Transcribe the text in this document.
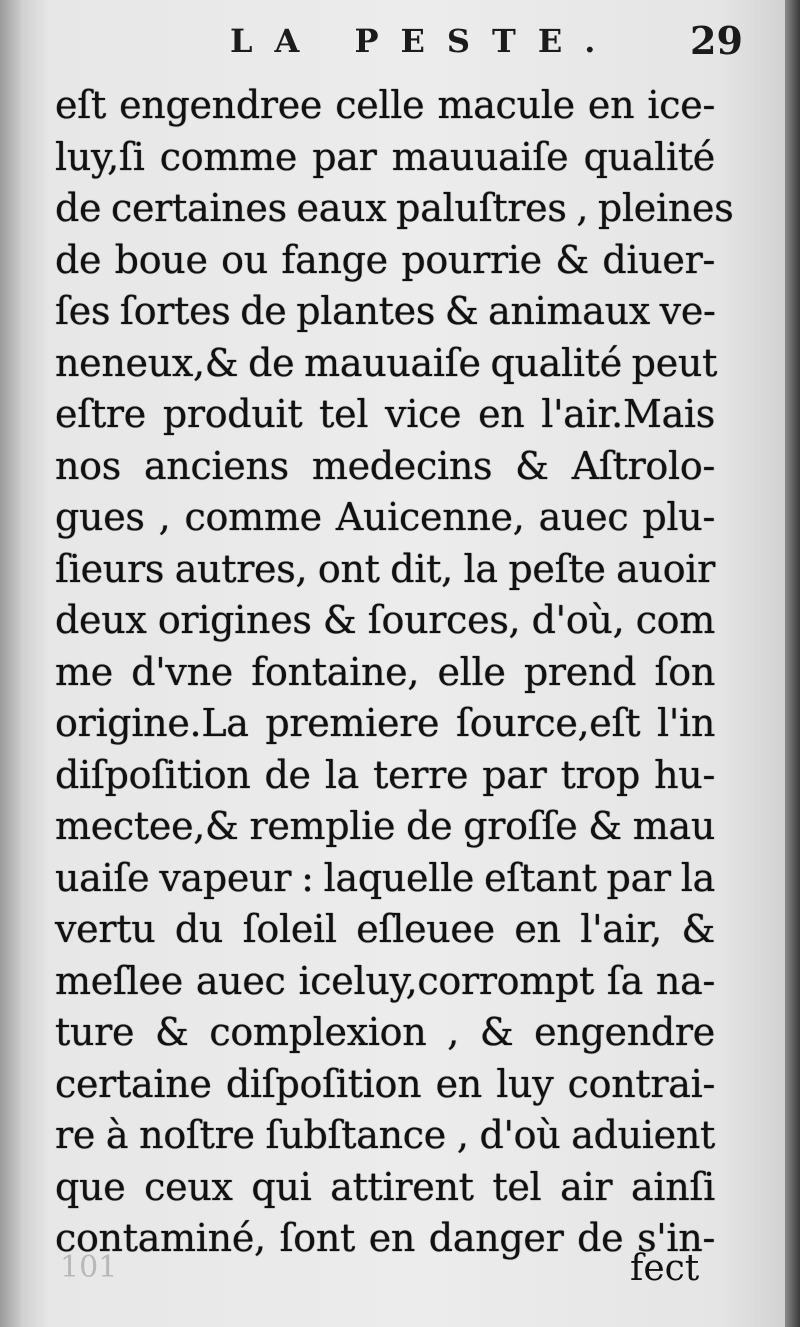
LA PESTE. 29
eſt engendree celle macule en ice-
luy,ſi comme par mauuaiſe qualité
de certaines eaux paluſtres , pleines
de boue ou fange pourrie & diuer-
ſes ſortes de plantes & animaux ve-
neneux,& de mauuaiſe qualité peut
eſtre produit tel vice en l'air.Mais
nos anciens medecins & Aſtrolo-
gues , comme Auicenne, auec plu-
ſieurs autres, ont dit, la peſte auoir
deux origines & ſources, d'où, com
me d'vne fontaine, elle prend ſon
origine.La premiere ſource,eſt l'in
diſpoſition de la terre par trop hu-
mectee,& remplie de groſſe & mau
uaiſe vapeur : laquelle eſtant par la
vertu du ſoleil eſleuee en l'air, &
meſlee auec iceluy,corrompt ſa na-
ture & complexion , & engendre
certaine diſpoſition en luy contrai-
re à noſtre ſubſtance , d'où aduient
que ceux qui attirent tel air ainſi
contaminé, ſont en danger de s'in-
101	fect
